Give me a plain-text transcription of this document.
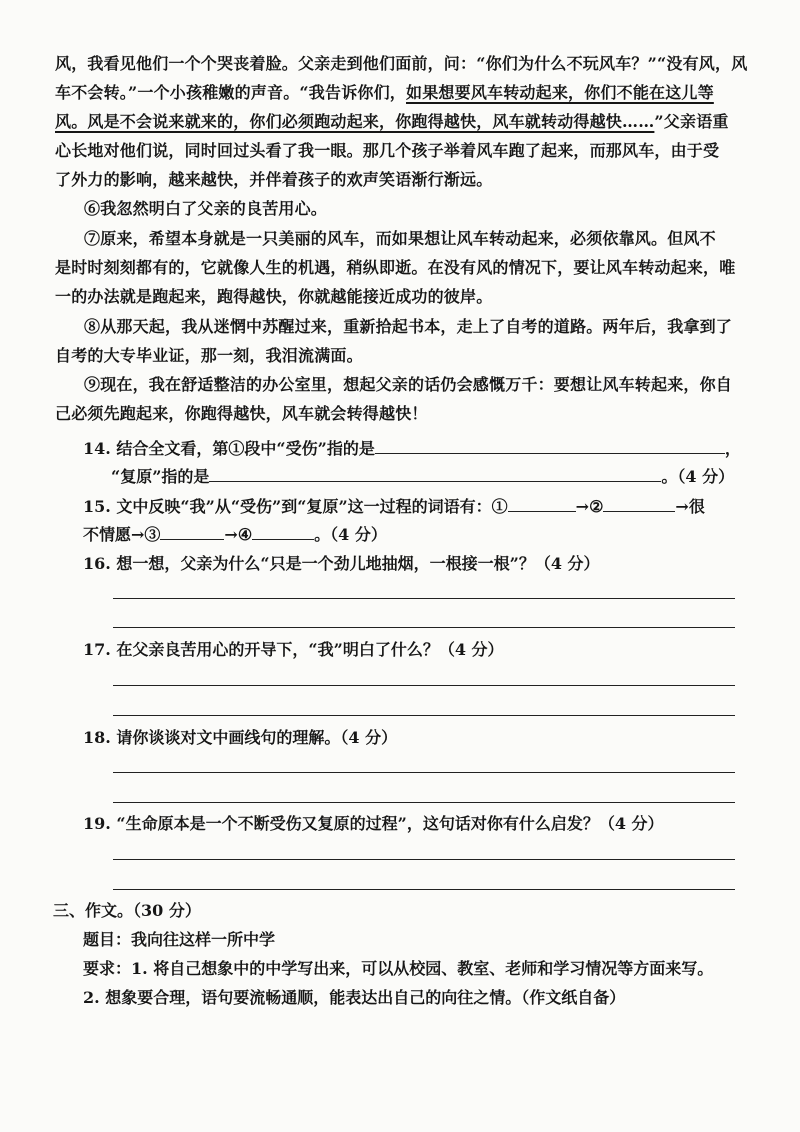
风，我看见他们一个个哭丧着脸。父亲走到他们面前，问：“你们为什么不玩风车？”“没有风，风
车不会转。”一个小孩稚嫩的声音。“我告诉你们，如果想要风车转动起来，你们不能在这儿等
风。风是不会说来就来的，你们必须跑动起来，你跑得越快，风车就转动得越快……”父亲语重
心长地对他们说，同时回过头看了我一眼。那几个孩子举着风车跑了起来，而那风车，由于受
了外力的影响，越来越快，并伴着孩子的欢声笑语渐行渐远。
⑥我忽然明白了父亲的良苦用心。
⑦原来，希望本身就是一只美丽的风车，而如果想让风车转动起来，必须依靠风。但风不
是时时刻刻都有的，它就像人生的机遇，稍纵即逝。在没有风的情况下，要让风车转动起来，唯
一的办法就是跑起来，跑得越快，你就越能接近成功的彼岸。
⑧从那天起，我从迷惘中苏醒过来，重新拾起书本，走上了自考的道路。两年后，我拿到了
自考的大专毕业证，那一刻，我泪流满面。
⑨现在，我在舒适整洁的办公室里，想起父亲的话仍会感慨万千：要想让风车转起来，你自
己必须先跑起来，你跑得越快，风车就会转得越快！
14. 结合全文看，第①段中“受伤”指的是	，
“复原”指的是	。（4 分）
15. 文中反映“我”从“受伤”到“复原”这一过程的词语有：①	→②	→很
不情愿→③	→④	。（4 分）
16. 想一想，父亲为什么“只是一个劲儿地抽烟，一根接一根”？（4 分）
17. 在父亲良苦用心的开导下，“我”明白了什么？（4 分）
18. 请你谈谈对文中画线句的理解。（4 分）
19. “生命原本是一个不断受伤又复原的过程”，这句话对你有什么启发？（4 分）
三、作文。（30 分）
题目：我向往这样一所中学
要求：1. 将自己想象中的中学写出来，可以从校园、教室、老师和学习情况等方面来写。
2. 想象要合理，语句要流畅通顺，能表达出自己的向往之情。（作文纸自备）
